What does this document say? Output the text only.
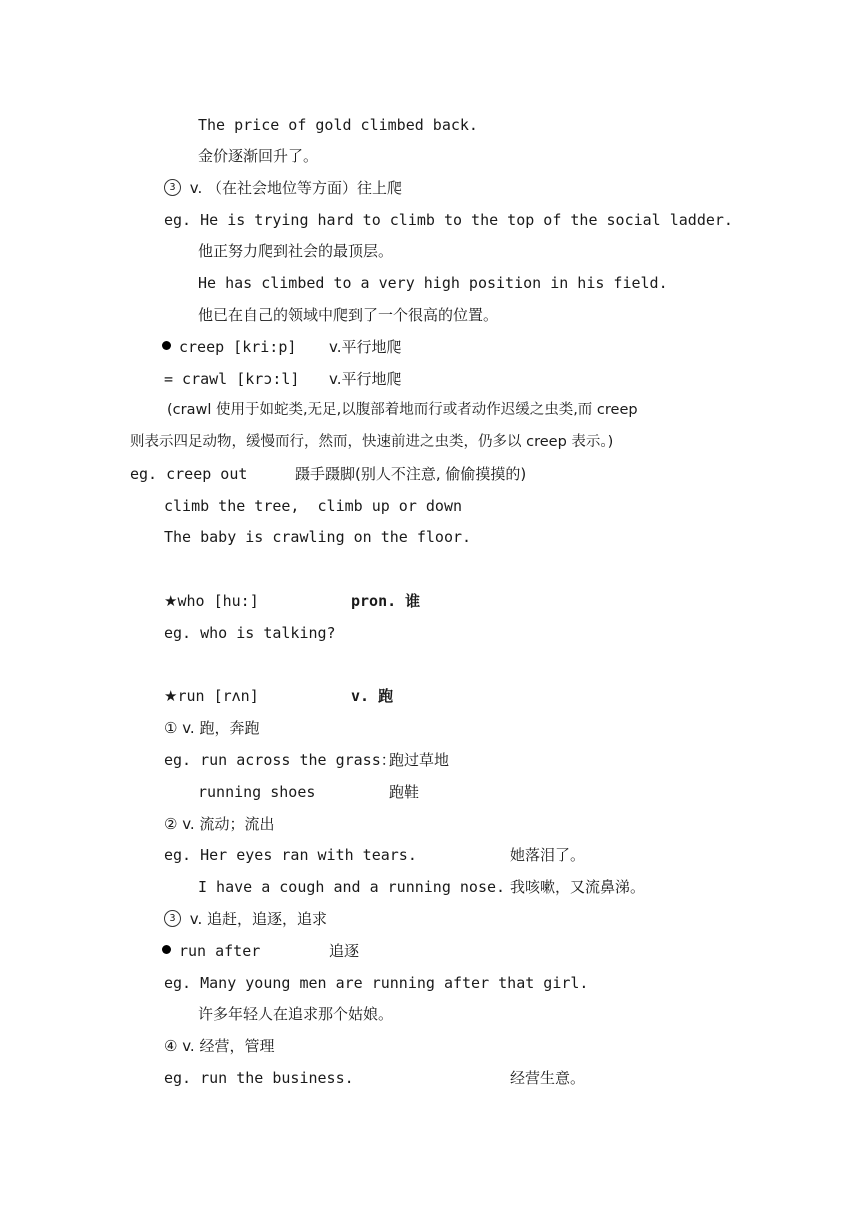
The price of gold climbed back.
金价逐渐回升了。
3 v. （在社会地位等方面）往上爬
eg. He is trying hard to climb to the top of the social ladder.
他正努力爬到社会的最顶层。
He has climbed to a very high position in his field.
他已在自己的领域中爬到了一个很高的位置。
creep [kri:p] v.平行地爬
= crawl [krɔ:l] v.平行地爬
(crawl 使用于如蛇类,无足,以腹部着地而行或者动作迟缓之虫类,而 creep
则表示四足动物，缓慢而行，然而，快速前进之虫类，仍多以 creep 表示。)
eg. creep out	蹑手蹑脚(别人不注意, 偷偷摸摸的)
climb the tree,  climb up or down
The baby is crawling on the floor.
★who [hu:]	pron. 谁
eg. who is talking?
★run [rʌn]	v. 跑
① v. 跑，奔跑
eg. run across the grass：
跑过草地
running shoes	跑鞋
② v. 流动；流出
eg. Her eyes ran with tears.	她落泪了。
I have a cough and a running nose. 我咳嗽，又流鼻涕。
3 v. 追赶，追逐，追求
run after	追逐
eg. Many young men are running after that girl.
许多年轻人在追求那个姑娘。
④ v. 经营，管理
eg. run the business.	经营生意。
